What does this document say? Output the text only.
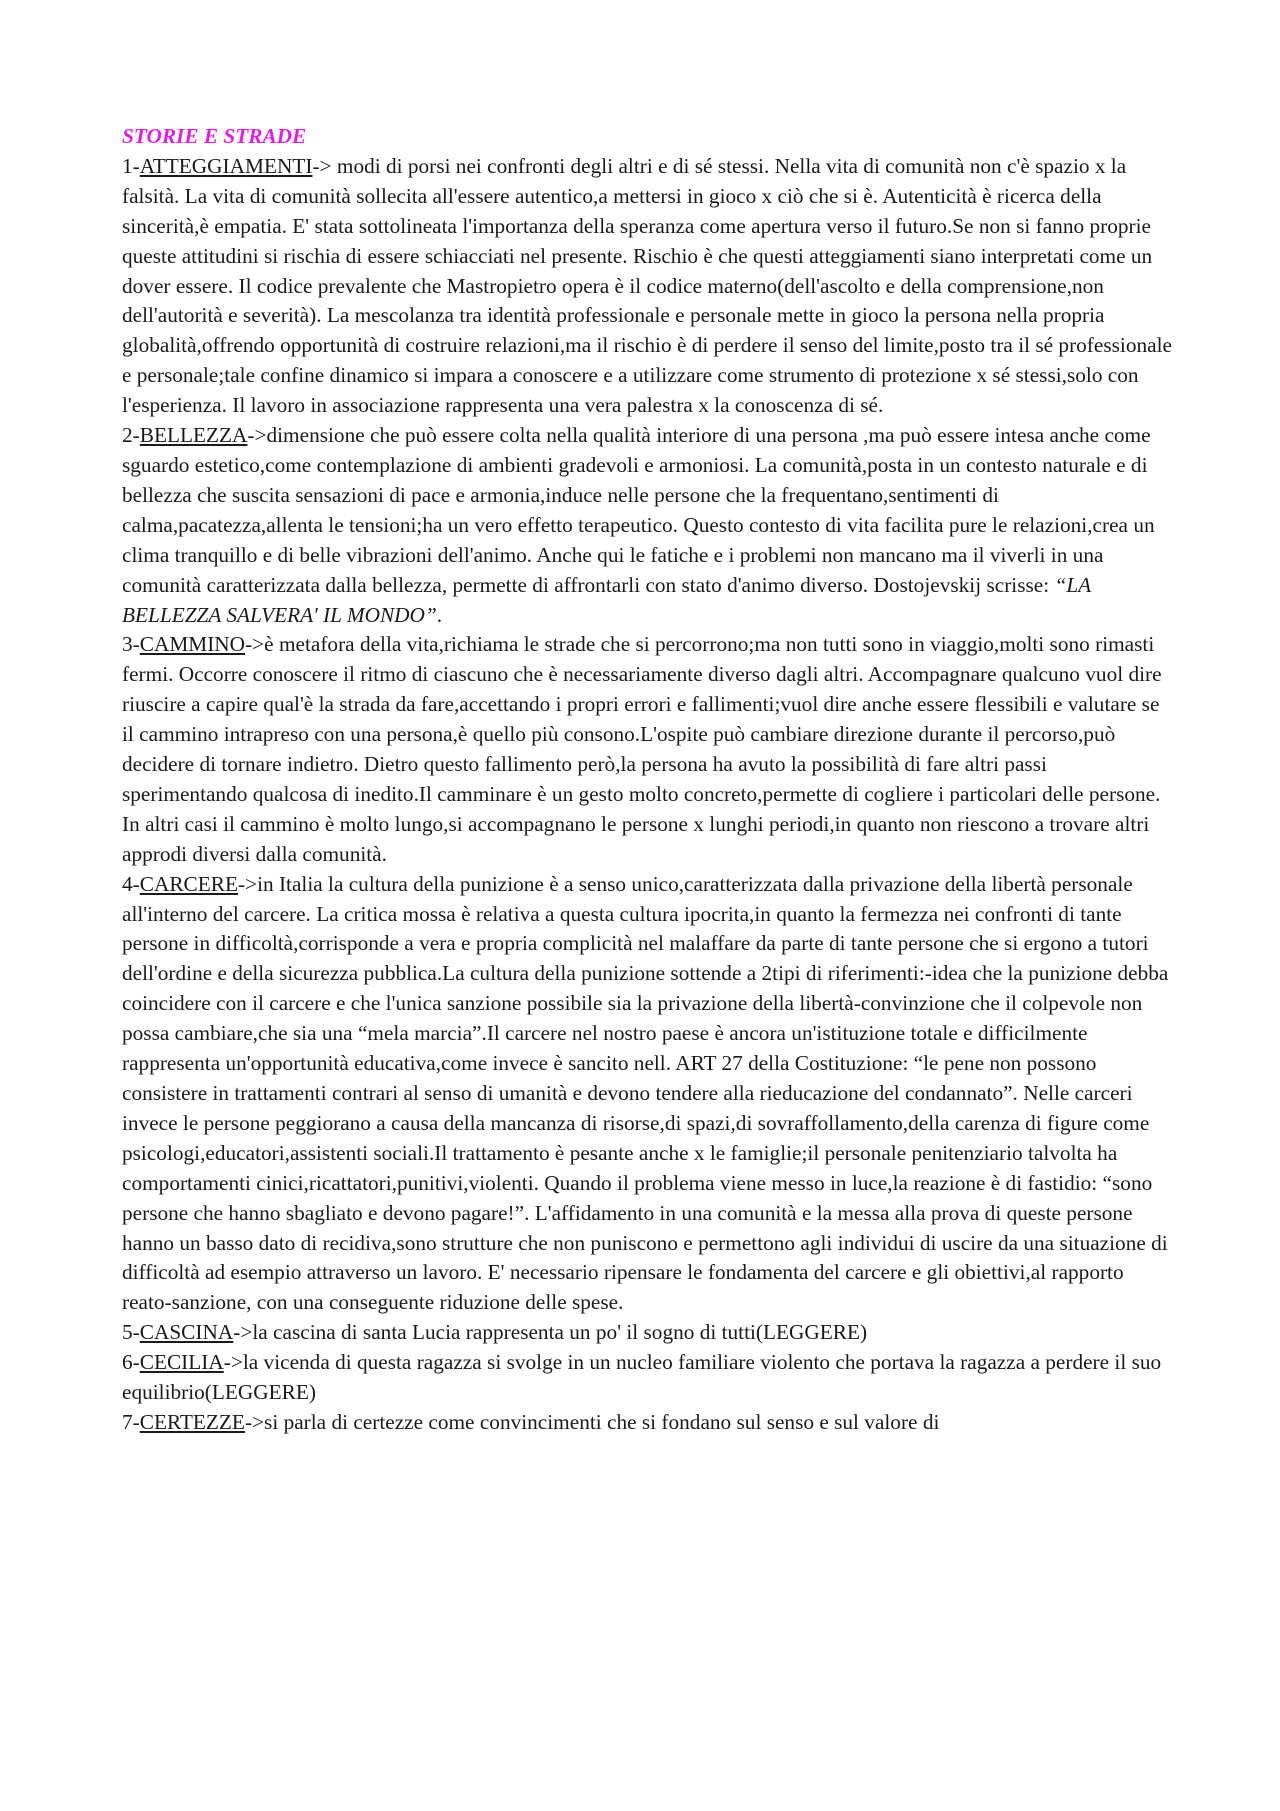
STORIE E STRADE

1-ATTEGGIAMENTI-> modi di porsi nei confronti degli altri e di sé stessi. Nella vita di comunità non c'è spazio x la falsità. La vita di comunità sollecita all'essere autentico,a mettersi in gioco x ciò che si è. Autenticità è ricerca della sincerità,è empatia. E' stata sottolineata l'importanza della speranza come apertura verso il futuro.Se non si fanno proprie queste attitudini si rischia di essere schiacciati nel presente. Rischio è che questi atteggiamenti siano interpretati come un dover essere. Il codice prevalente che Mastropietro opera è il codice materno(dell'ascolto e della comprensione,non dell'autorità e severità). La mescolanza tra identità professionale e personale mette in gioco la persona nella propria globalità,offrendo opportunità di costruire relazioni,ma il rischio è di perdere il senso del limite,posto tra il sé professionale e personale;tale confine dinamico si impara a conoscere e a utilizzare come strumento di protezione x sé stessi,solo con l'esperienza. Il lavoro in associazione rappresenta una vera palestra x la conoscenza di sé.

2-BELLEZZA->dimensione che può essere colta nella qualità interiore di una persona ,ma può essere intesa anche come sguardo estetico,come contemplazione di ambienti gradevoli e armoniosi. La comunità,posta in un contesto naturale e di bellezza che suscita sensazioni di pace e armonia,induce nelle persone che la frequentano,sentimenti di calma,pacatezza,allenta le tensioni;ha un vero effetto terapeutico. Questo contesto di vita facilita pure le relazioni,crea un clima tranquillo e di belle vibrazioni dell'animo. Anche qui le fatiche e i problemi non mancano ma il viverli in una comunità caratterizzata dalla bellezza, permette di affrontarli con stato d'animo diverso. Dostojevskij scrisse: “LA BELLEZZA SALVERA' IL MONDO”.

3-CAMMINO->è metafora della vita,richiama le strade che si percorrono;ma non tutti sono in viaggio,molti sono rimasti fermi. Occorre conoscere il ritmo di ciascuno che è necessariamente diverso dagli altri. Accompagnare qualcuno vuol dire riuscire a capire qual'è la strada da fare,accettando i propri errori e fallimenti;vuol dire anche essere flessibili e valutare se il cammino intrapreso con una persona,è quello più consono.L'ospite può cambiare direzione durante il percorso,può decidere di tornare indietro. Dietro questo fallimento però,la persona ha avuto la possibilità di fare altri passi sperimentando qualcosa di inedito.Il camminare è un gesto molto concreto,permette di cogliere i particolari delle persone. In altri casi il cammino è molto lungo,si accompagnano le persone x lunghi periodi,in quanto non riescono a trovare altri approdi diversi dalla comunità.

4-CARCERE->in Italia la cultura della punizione è a senso unico,caratterizzata dalla privazione della libertà personale all'interno del carcere. La critica mossa è relativa a questa cultura ipocrita,in quanto la fermezza nei confronti di tante persone in difficoltà,corrisponde a vera e propria complicità nel malaffare da parte di tante persone che si ergono a tutori dell'ordine e della sicurezza pubblica.La cultura della punizione sottende a 2tipi di riferimenti:-idea che la punizione debba coincidere con il carcere e che l'unica sanzione possibile sia la privazione della libertà-convinzione che il colpevole non possa cambiare,che sia una “mela marcia”.Il carcere nel nostro paese è ancora un'istituzione totale e difficilmente rappresenta un'opportunità educativa,come invece è sancito nell. ART 27 della Costituzione: “le pene non possono consistere in trattamenti contrari al senso di umanità e devono tendere alla rieducazione del condannato”. Nelle carceri invece le persone peggiorano a causa della mancanza di risorse,di spazi,di sovraffollamento,della carenza di figure come psicologi,educatori,assistenti sociali.Il trattamento è pesante anche x le famiglie;il personale penitenziario talvolta ha comportamenti cinici,ricattatori,punitivi,violenti. Quando il problema viene messo in luce,la reazione è di fastidio: “sono persone che hanno sbagliato e devono pagare!”. L'affidamento in una comunità e la messa alla prova di queste persone hanno un basso dato di recidiva,sono strutture che non puniscono e permettono agli individui di uscire da una situazione di difficoltà ad esempio attraverso un lavoro. E' necessario ripensare le fondamenta del carcere e gli obiettivi,al rapporto reato-sanzione, con una conseguente riduzione delle spese.

5-CASCINA->la cascina di santa Lucia rappresenta un po' il sogno di tutti(LEGGERE)

6-CECILIA->la vicenda di questa ragazza si svolge in un nucleo familiare violento che portava la ragazza a perdere il suo equilibrio(LEGGERE)

7-CERTEZZE->si parla di certezze come convincimenti che si fondano sul senso e sul valore di
